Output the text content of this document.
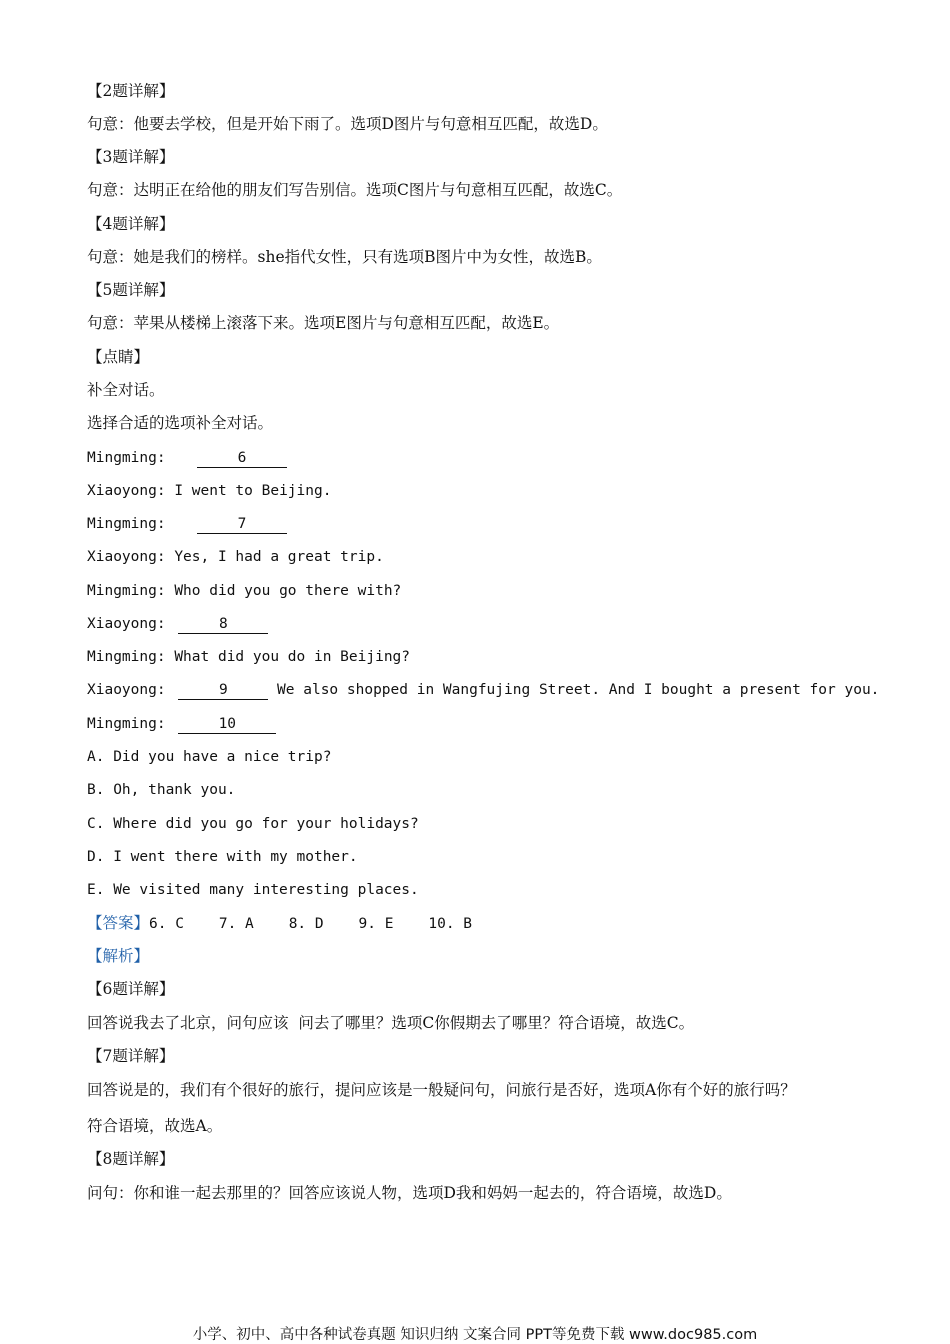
【2题详解】
句意：他要去学校，但是开始下雨了。选项D图片与句意相互匹配，故选D。
【3题详解】
句意：达明正在给他的朋友们写告别信。选项C图片与句意相互匹配，故选C。
【4题详解】
句意：她是我们的榜样。she指代女性，只有选项B图片中为女性，故选B。
【5题详解】
句意：苹果从楼梯上滚落下来。选项E图片与句意相互匹配，故选E。
【点睛】
补全对话。
选择合适的选项补全对话。
Mingming:	6
Xiaoyong: I went to Beijing.
Mingming:	7
Xiaoyong: Yes, I had a great trip.
Mingming: Who did you go there with?
Xiaoyong:	8
Mingming: What did you do in Beijing?
Xiaoyong:	9	We also shopped in Wangfujing Street. And I bought a present for you.
Mingming:	10
A. Did you have a nice trip?
B. Oh, thank you.
C. Where did you go for your holidays?
D. I went there with my mother.
E. We visited many interesting places.
【答案】6. C    7. A    8. D    9. E    10. B
【解析】
【6题详解】
回答说我去了北京，问句应该  问去了哪里？选项C你假期去了哪里？符合语境，故选C。
【7题详解】
回答说是的，我们有个很好的旅行，提问应该是一般疑问句，问旅行是否好，选项A你有个好的旅行吗？
符合语境，故选A。
【8题详解】
问句：你和谁一起去那里的？回答应该说人物，选项D我和妈妈一起去的，符合语境，故选D。
小学、初中、高中各种试卷真题 知识归纳 文案合同 PPT等免费下载 www.doc985.com
